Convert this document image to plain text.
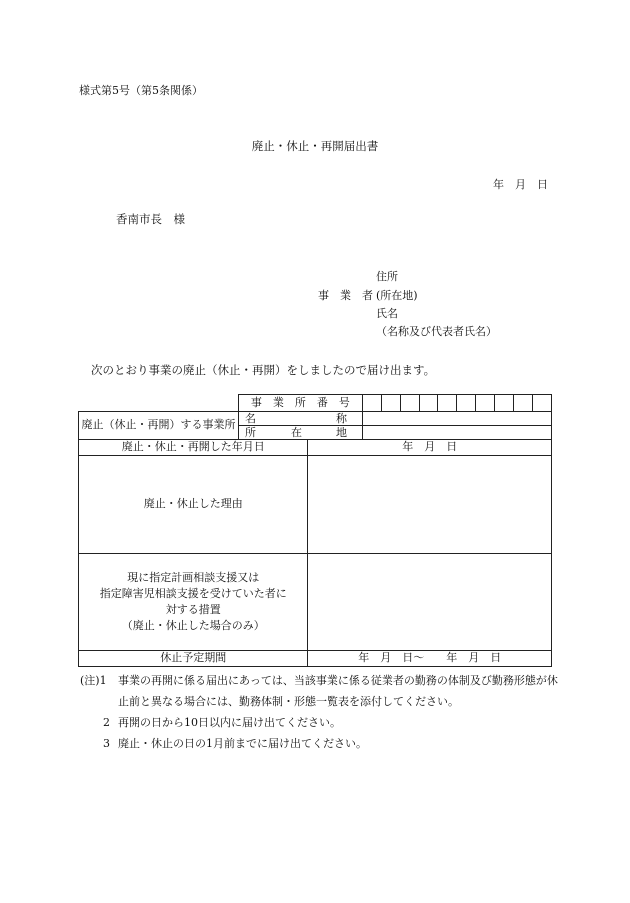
様式第5号（第5条関係）
廃止・休止・再開届出書
年　月　日
香南市長　様
住所
事　業　者 (所在地)
氏名
（名称及び代表者氏名）
次のとおり事業の廃止（休止・再開）をしましたので届け出ます。
	事　業　所　番　号											
廃止（休止・再開）する事業所	名 称											

	所 在 地											

廃止・休止・再開した年月日		年　月　日										
廃止・休止した理由												

現に指定計画相談支援又は
指定障害児相談支援を受けていた者に
対する措置
（廃止・休止した場合のみ）												

休止予定期間		年　月　日～　　年　月　日										
(注)1	事業の再開に係る届出にあっては、当該事業に係る従業者の勤務の体制及び勤務形態が休止前と異なる場合には、勤務体制・形態一覧表を添付してください。
2 再開の日から10日以内に届け出てください。
3 廃止・休止の日の1月前までに届け出てください。
